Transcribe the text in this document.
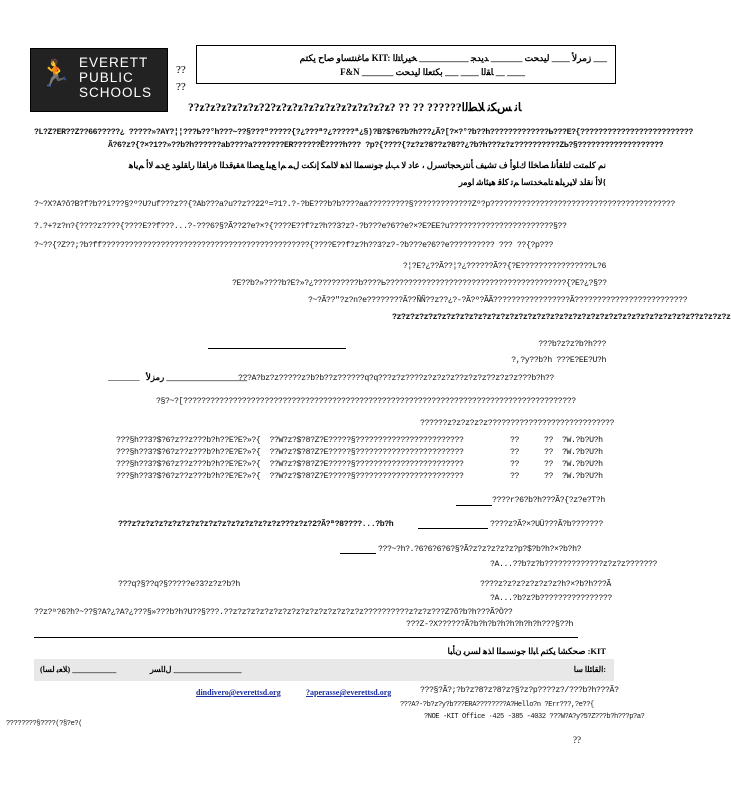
🏃 EVERETT
PUBLIC
SCHOOLS
??
??
ﻣﺎﻏﻨﺘﺴﺎﻭ ﺻﺎﺡ ﻳﻜﺘﻢ KIT: ﺯﻣﺮﻷ ____ ﻟﻴﺪﺤﺖ _______ ﺪﻳﺪﺠ ___________ ﺨﻴﺮﺎﺘﻟﺍ ___
F&N _______ ﺎﻘﻟﺍ ____ ___ ﺑﻜﺘﻌﻠﺍ ﻟﻴﺪﺤﺖ __ ____
??z?z?z?z?z?z?2?z?z?z?z?z?z?z?z?z?z?z? ?? ?? ??????ﺎﻧ ﺲﻜﻧ ﻼﻄﻟﺍ
?L?Z?ER??Z??66?????¿ ?????»?AY?¦¦???Ь??°h???~??§???º?????{?¿???ª?¿?????ª¿§)?B?$?6?b?h???¿Ã?[?×?°?b??h?????????????Ь???E?{?????????????????????????
Ã?6?z?{?×?1??»??b?h??????ab????a???????ER??????Ê????h??? ?p?{????{?z?z?8??z?8??¿?b?h???z?z??????????ZЬ?§???????????????????
ﻧﻢ ﻛﻠﻤﺘﺖ ﻟﺘﻠﻘﺄﻧﻠ ﺼﺎﺨﻠﺍ ﻙﻠﻭﺃ ﻑ ﺗﺸﻴﻒ ﺄﻧﺘﺮﺤﺠﺎﺗﺴﺮﻝ ، ﻋﺎﺩ ﻻ ﺐﻠﻳ ﺟﻮﻧﺴﻤﻠﺍ ﺍﺬﻫ ﻻﺎﻤﻜ ﺇﻧﻜﺖ ﻝﻤ ﻢﺍ ﻊﺒﻠ ﻊﺼﻠﺍ ﺔﻘﻴﻗﺪﻠﺍ ﺓﺭﺎﻘﻠﺍ ﺭﺎﻘﻠﻮﺪ ﻉﺪﻤ ﻻﺃ ﻢﻳﺎﻫ
ﻻﺃ ﻧﻘﻠﺪ ﻻﻴﺮﺒﻠﻫ ﺘﺎﻤﺨﺪﺘﺳﺍ ﻢﺗ ﻛﻠﻗ ﻫﻴﺌﺎﺷ ﺍﻮﻣﺭ{
?~?X?A?ô?B?f?b??i???§?º?U?uf???z??{?Ab???a?u??z??22º=?1?.?-?bE???b?b????aa?????????§?????????????Zº?p?????????????????????????????????????????
?.?+?z?n?{????z????{????E??f???...?-???6?§?Ã??2?e?×?{????E??f?z?h??3?z?-?b???e?6??e?×?E?EE?u???????????????????????§??
?~??{?Z??;?b?ff??????????????????????????????????????????????{????E??f?z?h??3?z?-?b???e?6??e?????????? ??? ??{?p???
?¦?E?¿??Ã??¦?¿??????Ã??{?E????????????????L?6
?E??b?»????b?E?»?¿??????????b????Ь????????????????????????????????????????{?E?¿?§??
?~?Ã??"?z?n?e????????Ã??ÑÑ??z??¿?-?Ã?º?ÃÃ?????????????????Ã?????????????????????????
?z?z?z?z?z?z?z?z?z?z?z?z?z?z?z?z?z?z?z?z?z?z?z?z?z?z?z?z?z?z?z?z?z??z?z?z?z
???b?z?z?b?h???
?,?y??b?h ???E?EE?U?h
_______ ﺭﻣﺰﻷ ___________________
???A?bz?z?????z?b?b??z??????q?q???z?z????z?z?z?z??z?z?z??z?z?z???b?h??
?§?~?[???????????????????????????????????????????????????????????????????????????????????????
??????z?z?z?z?z????????????????????????????
???§h??3?$?6?z??z???b?h??E?E?»?{ ??W?z?$?8?Z?E?????§????????????????????????	??	?? ?W.?b?U?h
???§h??3?$?6?z??z???b?h??E?E?»?{ ??W?z?$?8?Z?E?????§????????????????????????	??	?? ?W.?b?U?h
???§h??3?$?6?z??z???b?h??E?E?»?{ ??W?z?$?8?Z?E?????§????????????????????????	??	?? ?W.?b?U?h
???§h??3?$?6?z??z???b?h??E?E?»?{ ??W?z?$?8?Z?E?????§????????????????????????	??	?? ?W.?b?U?h
????r?6?b?h???Ã?{?z?e?T?h
???z?z?z?z?z?z?z?z?z?z?z?z?z?z?z?z?z???z?z?2?Ã?ª?8????...?b?h	????z?Ã?×?UÜ???Ã?b???????
???~?h?.?6?6?6?6?§?Ã?z?z?z?z?z?p?$?b?h?×?b?h?
?A...??b?z?b?????????????z?z?z???????
???q?§??q?§?????e?3?z?z?b?h	????z?z?z?z?z?z?z?h?×?b?h???Ã
?A...?b?z?b????????????????
??z?ª?6?h?~??§?A?¿?A?¿???§»???b?h?U??§???.??z?z?z?z?z?z?z?z?z?z?z?z?z?z?z??????????z?z?z???Z?õ?b?h???Ã?Ò??
???Z-?X??????Ã?b?h?b?h?h?h?h?h???§??h
ﺻﺤﻜﺸﺎ ﻳﻜﺘﻢ ﺎﺒﻟﺍ ﺟﻮﻧﺴﻤﻠﺍ ﺍﺬﻫ ﻟﺴﺮﻳ ﻥﺄﺒﺎ :KIT
ﺍﻟﻘﺎﺌﻠﺍ ﺳﺎ:
ﻝﺍﺎﺴﺭ _________________
(ﻼﻌﺑ ﻟﺴﺎ) ___________
dindivero@everettsd.org	?aperasse@everettsd.org	???§?Ã?;?b?z?8?z?8?z?§?z?p????z?/???b?h???Ã?
???A?-?b?z?y?b???ERA????????A?Hello?n ?Err???,?e??{
?NOE -KIT Office ·425 -385 -4032 ???W?A?y?5?Z???b?h???p?a?
????????§????(?§?e?(
??
